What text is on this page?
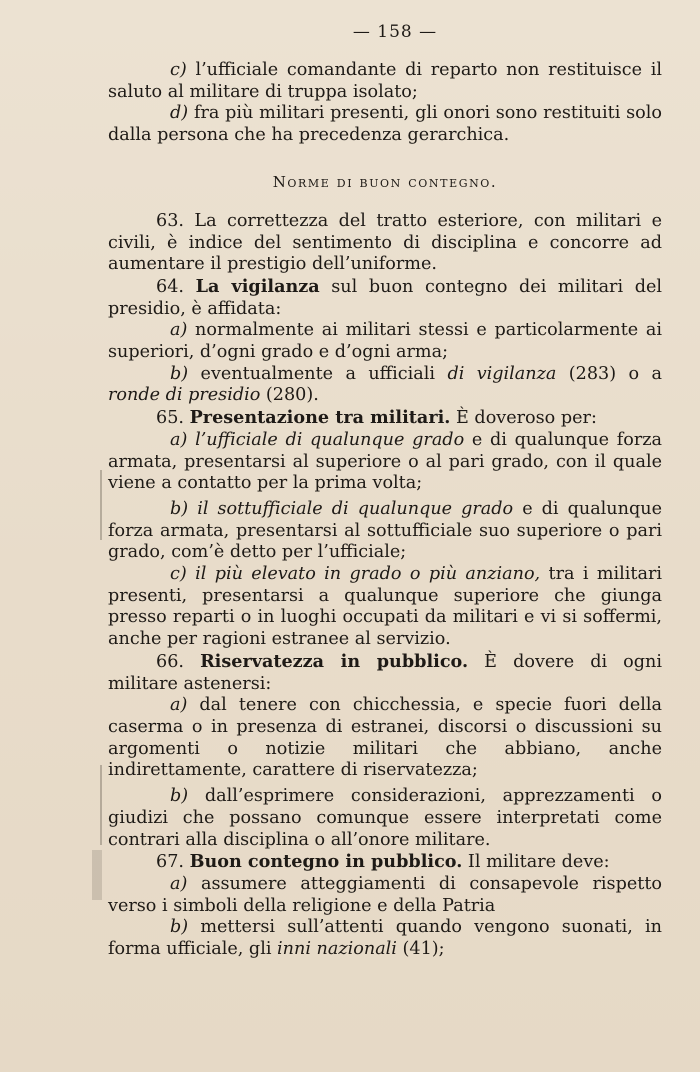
— 158 —

c) l’ufficiale comandante di reparto non restituisce il saluto al militare di truppa isolato;

d) fra più militari presenti, gli onori sono restituiti solo dalla persona che ha precedenza gerarchica.

Norme di buon contegno.

63. La correttezza del tratto esteriore, con militari e civili, è indice del sentimento di disciplina e concorre ad aumentare il prestigio dell’uniforme.

64. La vigilanza sul buon contegno dei militari del presidio, è affidata:

a) normalmente ai militari stessi e particolarmente ai superiori, d’ogni grado e d’ogni arma;

b) eventualmente a ufficiali di vigilanza (283) o a ronde di presidio (280).

65. Presentazione tra militari. È doveroso per:

a) l’ufficiale di qualunque grado e di qualunque forza armata, presentarsi al superiore o al pari grado, con il quale viene a contatto per la prima volta;

b) il sottufficiale di qualunque grado e di qualunque forza armata, presentarsi al sottufficiale suo superiore o pari grado, com’è detto per l’ufficiale;

c) il più elevato in grado o più anziano, tra i militari presenti, presentarsi a qualunque superiore che giunga presso reparti o in luoghi occupati da militari e vi si soffermi, anche per ragioni estranee al servizio.

66. Riservatezza in pubblico. È dovere di ogni militare astenersi:

a) dal tenere con chicchessia, e specie fuori della caserma o in presenza di estranei, discorsi o discussioni su argomenti o notizie militari che abbiano, anche indirettamente, carattere di riservatezza;

b) dall’esprimere considerazioni, apprezzamenti o giudizi che possano comunque essere interpretati come contrari alla disciplina o all’onore militare.

67. Buon contegno in pubblico. Il militare deve:

a) assumere atteggiamenti di consapevole rispetto verso i simboli della religione e della Patria

b) mettersi sull’attenti quando vengono suonati, in forma ufficiale, gli inni nazionali (41);
